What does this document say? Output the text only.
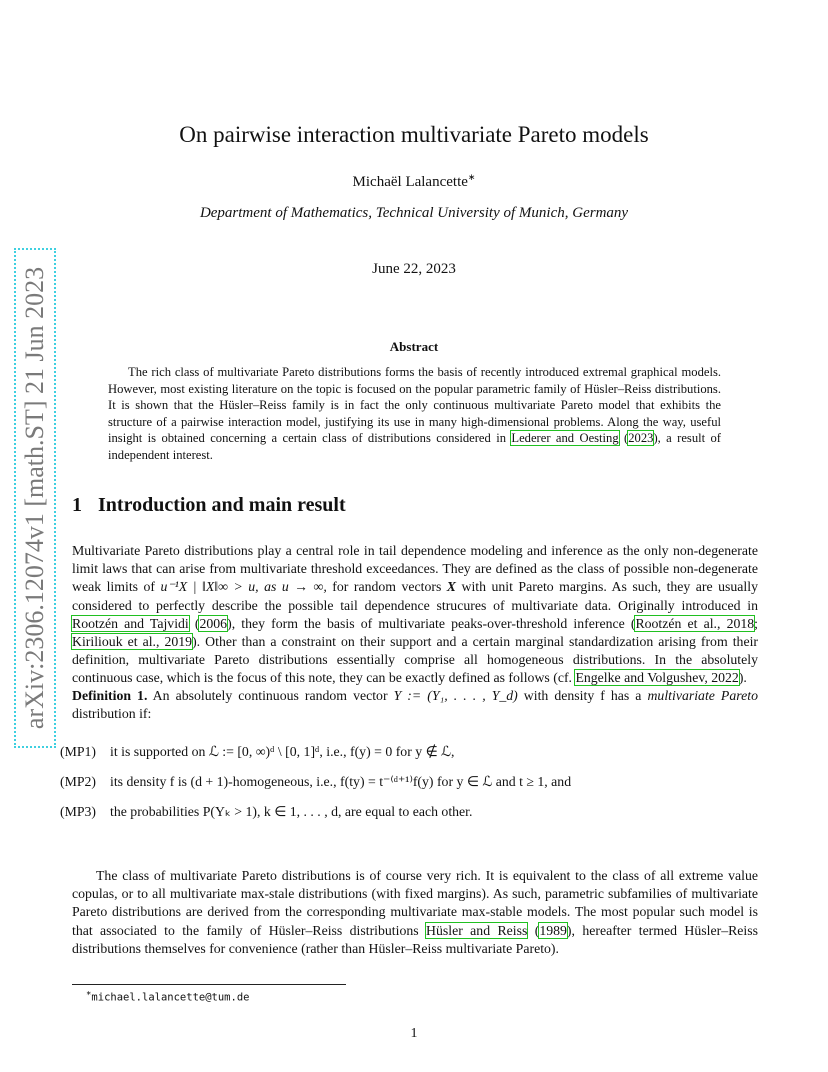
arXiv:2306.12074v1 [math.ST] 21 Jun 2023
On pairwise interaction multivariate Pareto models
Michaël Lalancette∗
Department of Mathematics, Technical University of Munich, Germany
June 22, 2023
Abstract
The rich class of multivariate Pareto distributions forms the basis of recently introduced extremal graphical models. However, most existing literature on the topic is focused on the popular parametric family of Hüsler–Reiss distributions. It is shown that the Hüsler–Reiss family is in fact the only continuous multivariate Pareto model that exhibits the structure of a pairwise interaction model, justifying its use in many high-dimensional problems. Along the way, useful insight is obtained concerning a certain class of distributions considered in Lederer and Oesting (2023), a result of independent interest.
1 Introduction and main result
Multivariate Pareto distributions play a central role in tail dependence modeling and inference as the only non-degenerate limit laws that can arise from multivariate threshold exceedances. They are defined as the class of possible non-degenerate weak limits of u⁻¹X | ‖X‖∞ > u, as u → ∞, for random vectors X with unit Pareto margins. As such, they are usually considered to perfectly describe the possible tail dependence strucures of multivariate data. Originally introduced in Rootzén and Tajvidi (2006), they form the basis of multivariate peaks-over-threshold inference (Rootzén et al., 2018; Kiriliouk et al., 2019). Other than a constraint on their support and a certain marginal standardization arising from their definition, multivariate Pareto distributions essentially comprise all homogeneous distributions. In the absolutely continuous case, which is the focus of this note, they can be exactly defined as follows (cf. Engelke and Volgushev, 2022).
Definition 1. An absolutely continuous random vector Y := (Y₁, . . . , Y_d) with density f has a multivariate Pareto distribution if:
(MP1) it is supported on ℒ := [0, ∞)ᵈ \ [0, 1]ᵈ, i.e., f(y) = 0 for y ∉ ℒ,
(MP2) its density f is (d + 1)-homogeneous, i.e., f(ty) = t⁻⁽ᵈ⁺¹⁾f(y) for y ∈ ℒ and t ≥ 1, and
(MP3) the probabilities P(Yₖ > 1), k ∈ 1, . . . , d, are equal to each other.
The class of multivariate Pareto distributions is of course very rich. It is equivalent to the class of all extreme value copulas, or to all multivariate max-stale distributions (with fixed margins). As such, parametric subfamilies of multivariate Pareto distributions are derived from the corresponding multivariate max-stable models. The most popular such model is that associated to the family of Hüsler–Reiss distributions Hüsler and Reiss (1989), hereafter termed Hüsler–Reiss distributions themselves for convenience (rather than Hüsler–Reiss multivariate Pareto).
∗michael.lalancette@tum.de
1
